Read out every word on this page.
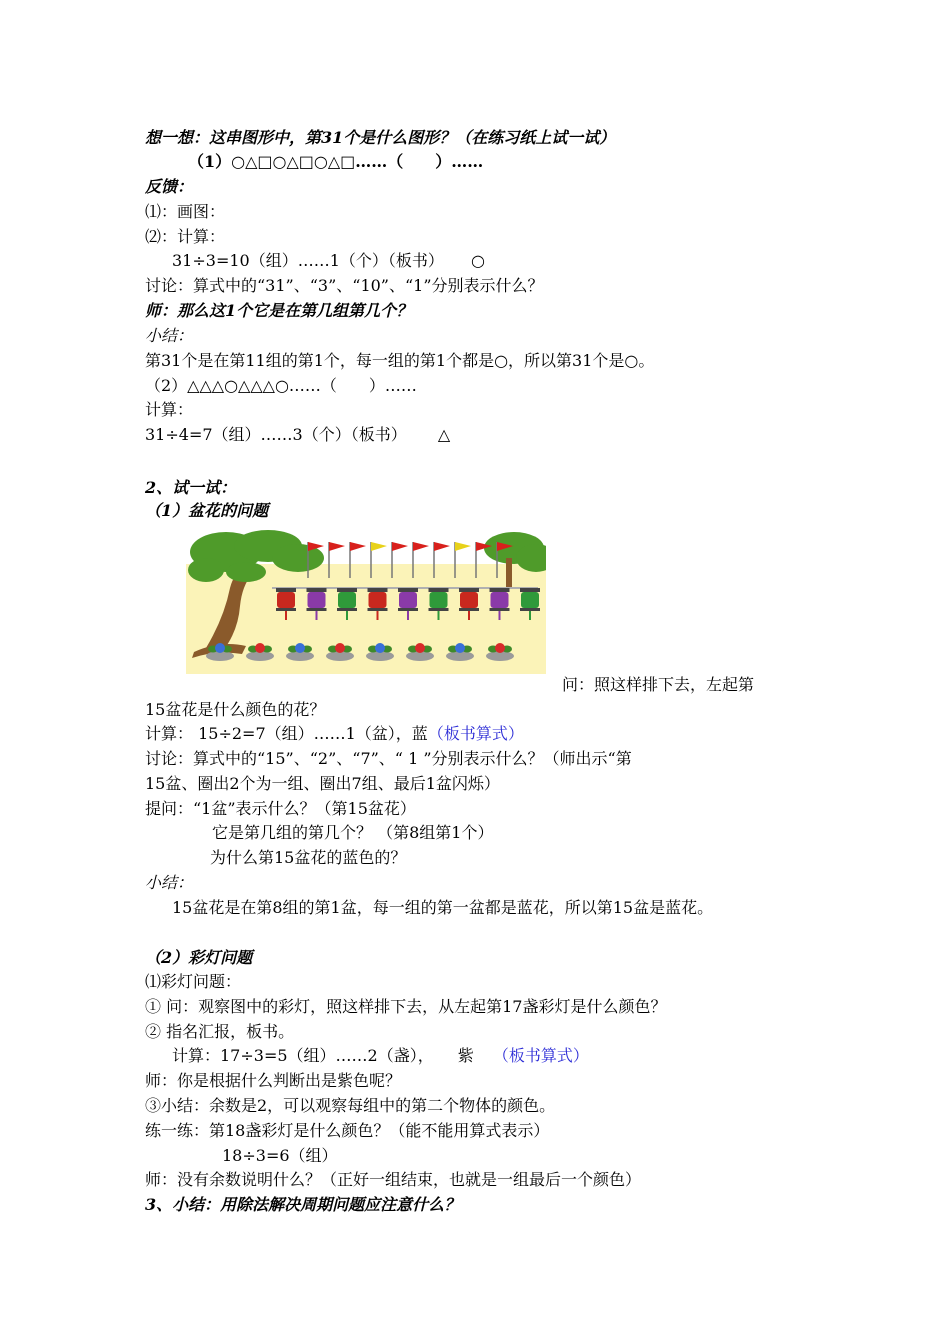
想一想：这串图形中，第31个是什么图形？（在练习纸上试一试）
（1）○△□○△□○△□……（　　）……
反馈：
⑴：画图：
⑵：计算：
31÷3=10（组）……1（个）（板书） ○
讨论：算式中的“31”、“3”、“10”、“1”分别表示什么？
师：那么这1个它是在第几组第几个？
小结：
第31个是在第11组的第1个，每一组的第1个都是○，所以第31个是○。
（2）△△△○△△△○……（　　）……
计算：
31÷4=7（组）……3（个）（板书） △
2、试一试：
（1）盆花的问题
问：照这样排下去，左起第
15盆花是什么颜色的花？
计算： 15÷2=7（组）……1（盆），蓝（板书算式）
讨论：算式中的“15”、“2”、“7”、“ 1 ”分别表示什么？（师出示“第
15盆、圈出2个为一组、圈出7组、最后1盆闪烁）
提问：“1盆”表示什么？（第15盆花）
它是第几组的第几个？ （第8组第1个）
为什么第15盆花的蓝色的？
小结：
15盆花是在第8组的第1盆，每一组的第一盆都是蓝花，所以第15盆是蓝花。
（2）彩灯问题
⑴彩灯问题：
① 问：观察图中的彩灯，照这样排下去，从左起第17盏彩灯是什么颜色？
② 指名汇报，板书。
计算：17÷3=5（组）……2（盏），　　紫 （板书算式）
师：你是根据什么判断出是紫色呢？
③小结：余数是2，可以观察每组中的第二个物体的颜色。
练一练：第18盏彩灯是什么颜色？（能不能用算式表示）
18÷3=6（组）
师：没有余数说明什么？（正好一组结束，也就是一组最后一个颜色）
3、小结：用除法解决周期问题应注意什么？
